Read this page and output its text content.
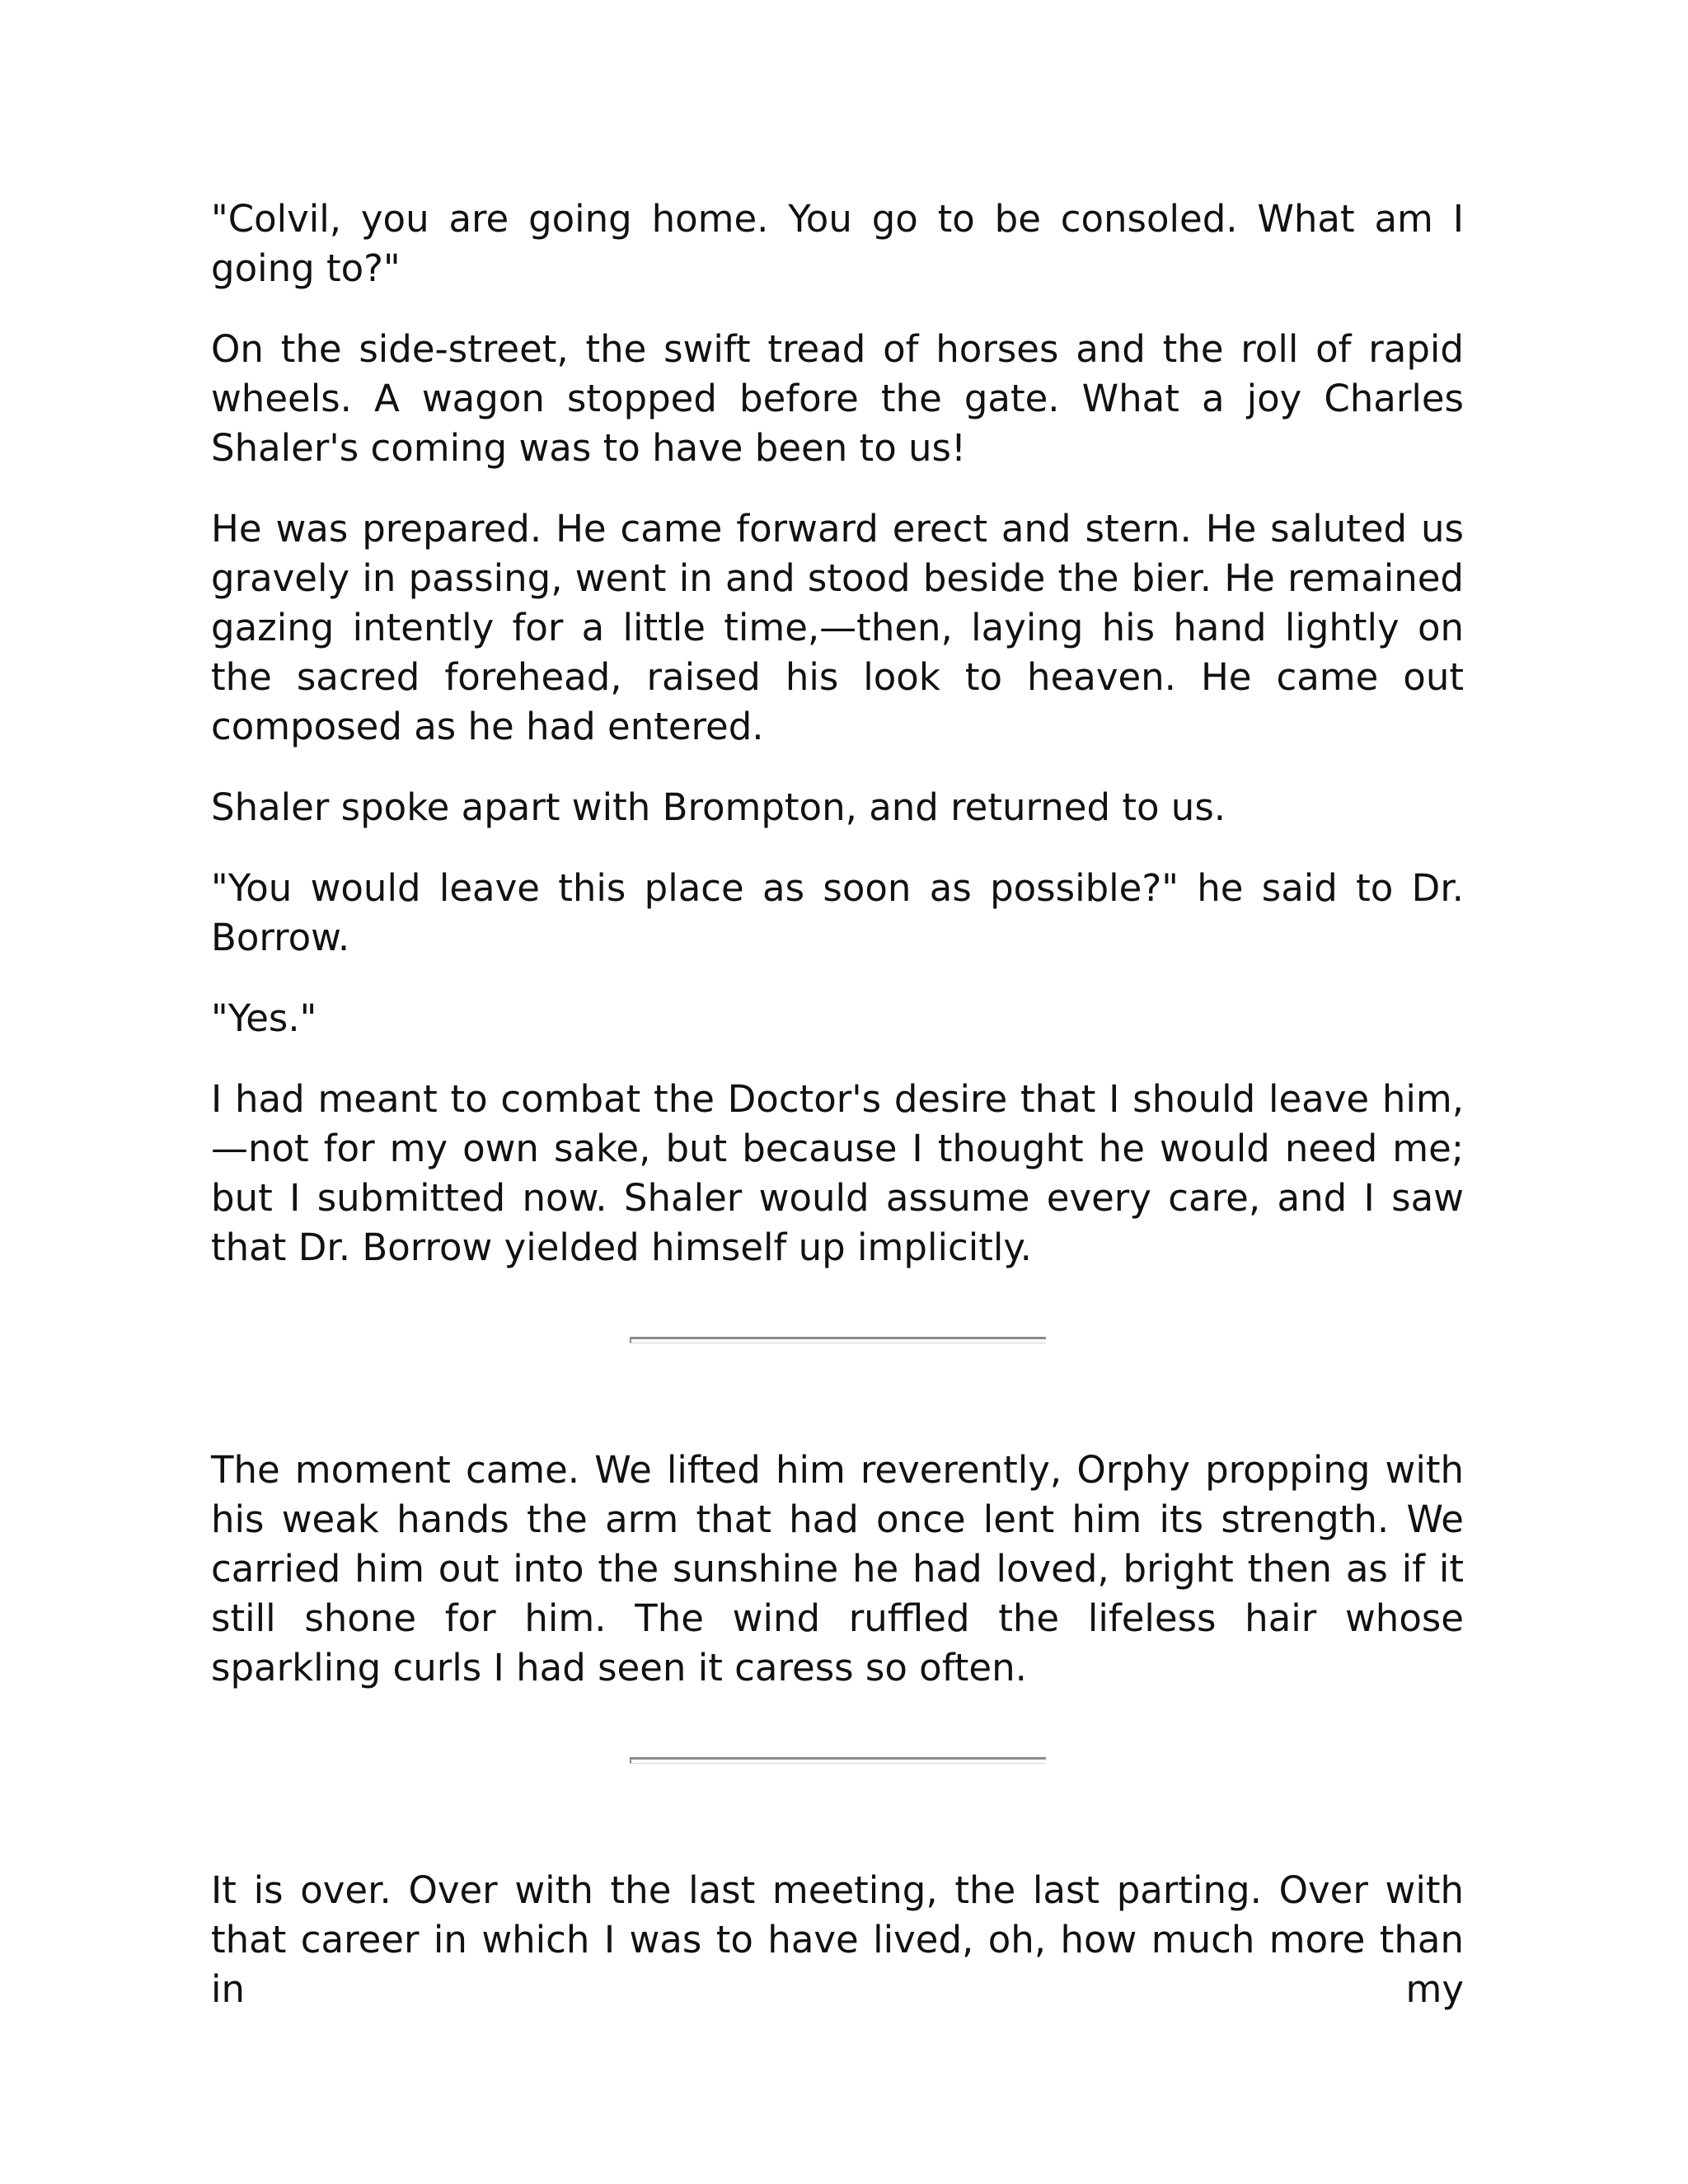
"Colvil, you are going home. You go to be consoled. What am I going to?"

On the side-street, the swift tread of horses and the roll of rapid wheels. A wagon stopped before the gate. What a joy Charles Shaler's coming was to have been to us!

He was prepared. He came forward erect and stern. He saluted us gravely in passing, went in and stood beside the bier. He remained gazing intently for a little time,—then, laying his hand lightly on the sacred forehead, raised his look to heaven. He came out composed as he had entered.

Shaler spoke apart with Brompton, and returned to us.

"You would leave this place as soon as possible?" he said to Dr. Borrow.

"Yes."

I had meant to combat the Doctor's desire that I should leave him,—not for my own sake, but because I thought he would need me; but I submitted now. Shaler would assume every care, and I saw that Dr. Borrow yielded himself up implicitly.

The moment came. We lifted him reverently, Orphy propping with his weak hands the arm that had once lent him its strength. We carried him out into the sunshine he had loved, bright then as if it still shone for him. The wind ruffled the lifeless hair whose sparkling curls I had seen it caress so often.

It is over. Over with the last meeting, the last parting. Over with that career in which I was to have lived, oh, how much more than in my
